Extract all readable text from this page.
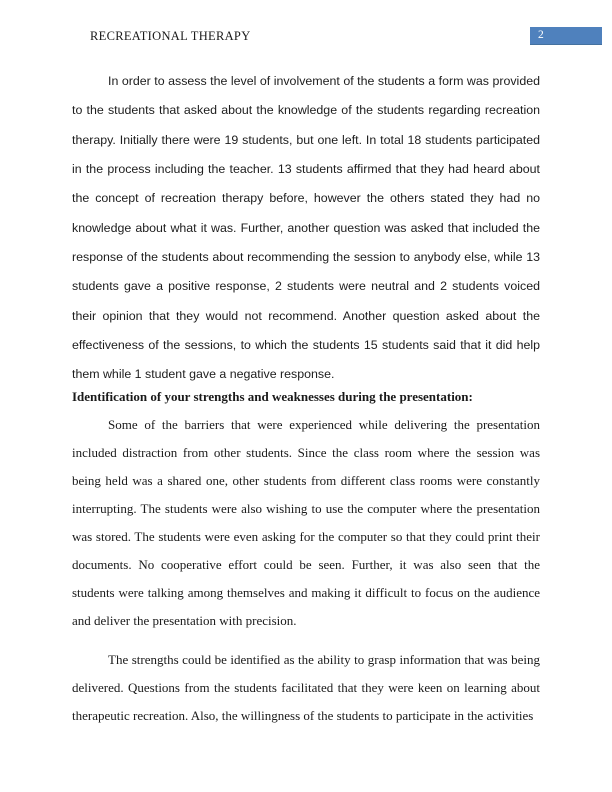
RECREATIONAL THERAPY	2

In order to assess the level of involvement of the students a form was provided to the students that asked about the knowledge of the students regarding recreation therapy. Initially there were 19 students, but one left. In total 18 students participated in the process including the teacher. 13 students affirmed that they had heard about the concept of recreation therapy before, however the others stated they had no knowledge about what it was. Further, another question was asked that included the response of the students about recommending the session to anybody else, while 13 students gave a positive response, 2 students were neutral and 2 students voiced their opinion that they would not recommend. Another question asked about the effectiveness of the sessions, to which the students 15 students said that it did help them while 1 student gave a negative response.

Identification of your strengths and weaknesses during the presentation:

Some of the barriers that were experienced while delivering the presentation included distraction from other students. Since the class room where the session was being held was a shared one, other students from different class rooms were constantly interrupting. The students were also wishing to use the computer where the presentation was stored. The students were even asking for the computer so that they could print their documents. No cooperative effort could be seen. Further, it was also seen that the students were talking among themselves and making it difficult to focus on the audience and deliver the presentation with precision.

The strengths could be identified as the ability to grasp information that was being delivered. Questions from the students facilitated that they were keen on learning about therapeutic recreation. Also, the willingness of the students to participate in the activities
